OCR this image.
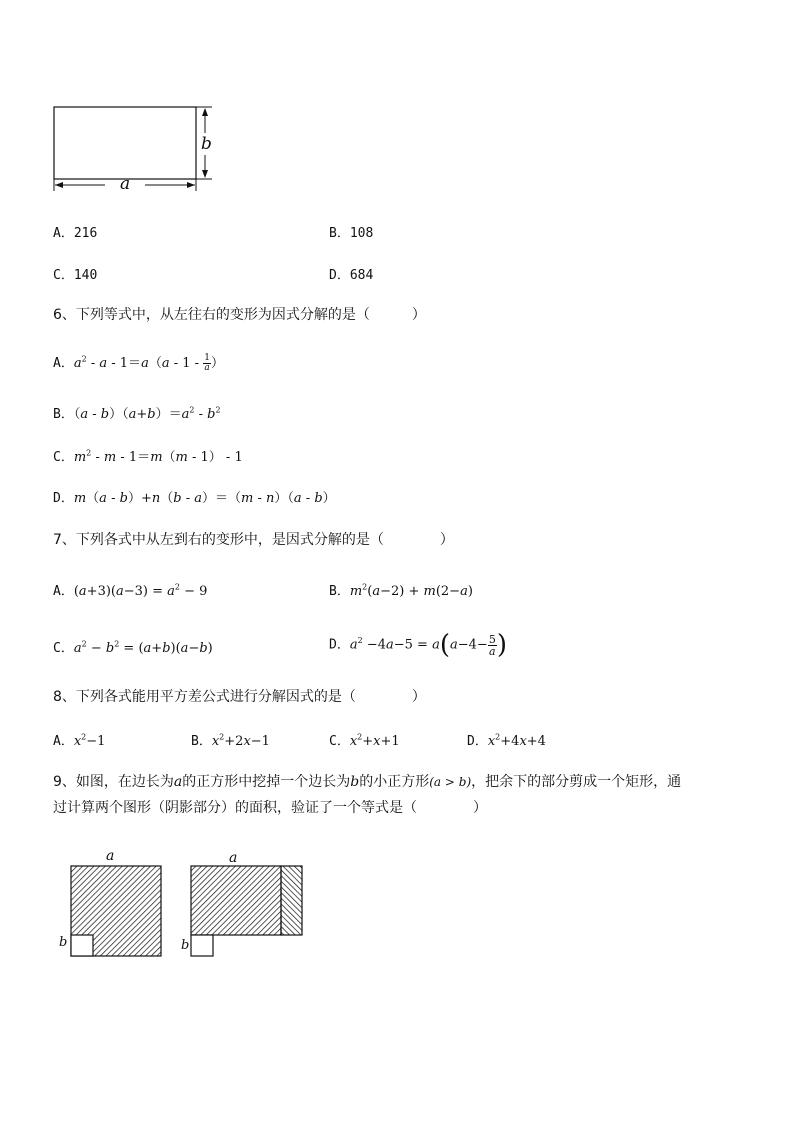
b
a
A．216	B．108
C．140	D．684
6、下列等式中，从左往右的变形为因式分解的是（　　　）
A．$a^2 - a - 1=a(a - 1 - \frac{1}{a}$ ）
B．$(a - b)(a+b)=a^2 - b^2$
C．$m^2 - m - 1=m(m - 1) - 1$
D．m（a - b）+n（b - a）＝（m - n）（a - b）
7、下列各式中从左到右的变形中，是因式分解的是（　　　　）
A．$(a+3)(a-3) = a^2 - 9$	B．$m^2(a-2) + m(2-a)$
C．$a^2 - b^2 = (a+b)(a-b)$	D．$a^2 -4a-5 = a(a-4- \frac{5}{a}$ )
8、下列各式能用平方差公式进行分解因式的是（　　　　）
A．$x^2-1$	B．$x^2+2x-1$	C．$x^2+x+1$	D．$x^2+4x+4$
9、如图，在边长为a的正方形中挖掉一个边长为b的小正方形(a > b)，把余下的部分剪成一个矩形，通
过计算两个图形（阴影部分）的面积，验证了一个等式是（　　　　）
a
b
a
b
